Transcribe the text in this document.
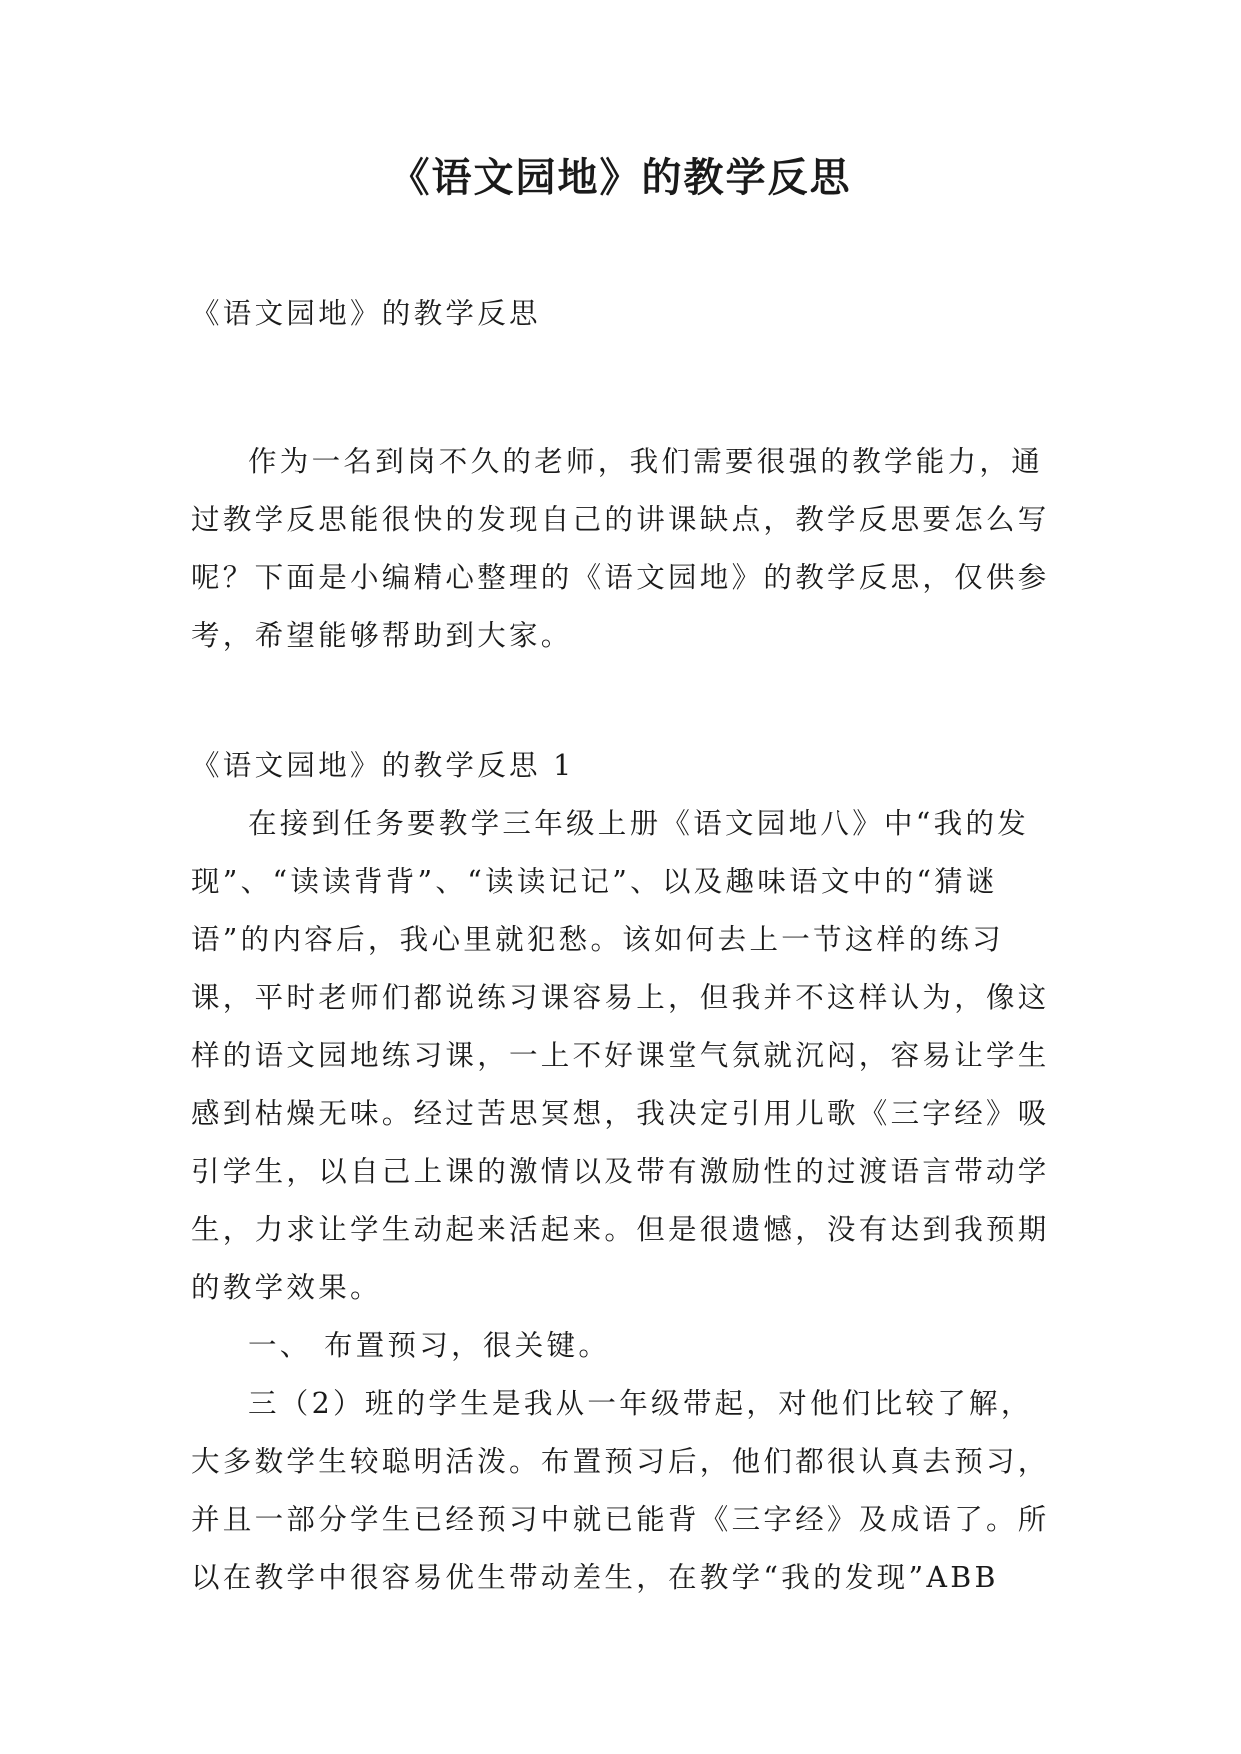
《语文园地》的教学反思

《语文园地》的教学反思

作为一名到岗不久的老师，我们需要很强的教学能力，通过教学反思能很快的发现自己的讲课缺点，教学反思要怎么写呢？下面是小编精心整理的《语文园地》的教学反思，仅供参考，希望能够帮助到大家。

《语文园地》的教学反思 1

在接到任务要教学三年级上册《语文园地八》中“我的发现”、“读读背背”、“读读记记”、以及趣味语文中的“猜谜语”的内容后，我心里就犯愁。该如何去上一节这样的练习课，平时老师们都说练习课容易上，但我并不这样认为，像这样的语文园地练习课，一上不好课堂气氛就沉闷，容易让学生感到枯燥无味。经过苦思冥想，我决定引用儿歌《三字经》吸引学生，以自己上课的激情以及带有激励性的过渡语言带动学生，力求让学生动起来活起来。但是很遗憾，没有达到我预期的教学效果。

一、 布置预习，很关键。

三（2）班的学生是我从一年级带起，对他们比较了解，大多数学生较聪明活泼。布置预习后，他们都很认真去预习，并且一部分学生已经预习中就已能背《三字经》及成语了。所以在教学中很容易优生带动差生，在教学“我的发现”ABB
